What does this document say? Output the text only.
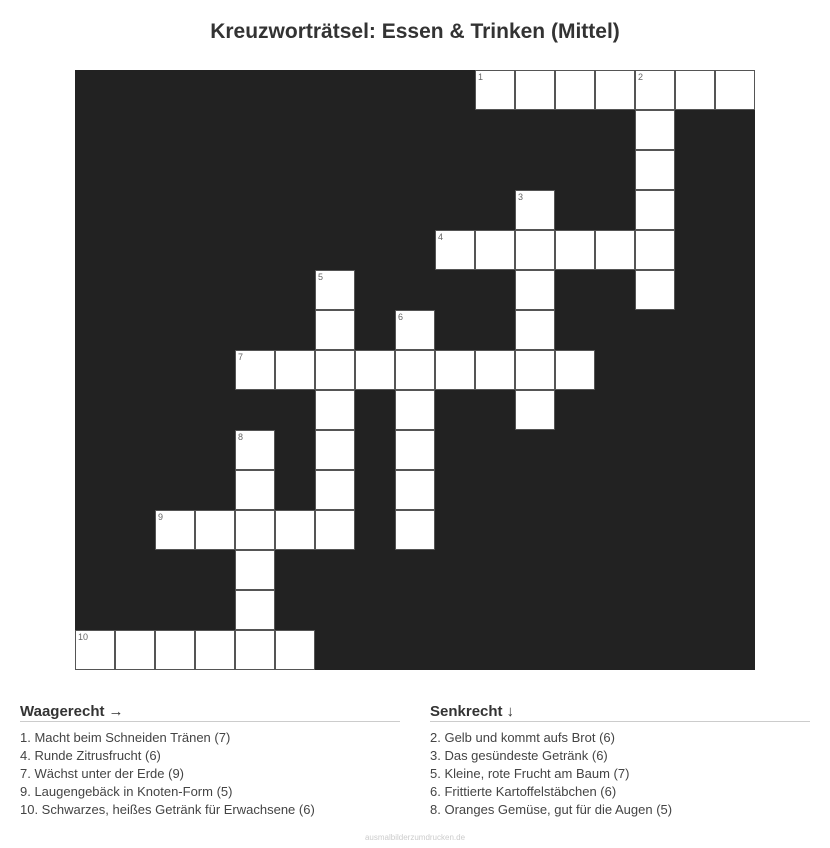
Kreuzworträtsel: Essen & Trinken (Mittel)
1	2
3
4
5
6
7
8
9
10
Waagerecht →
1. Macht beim Schneiden Tränen (7)
4. Runde Zitrusfrucht (6)
7. Wächst unter der Erde (9)
9. Laugengebäck in Knoten-Form (5)
10. Schwarzes, heißes Getränk für Erwachsene (6)
Senkrecht ↓
2. Gelb und kommt aufs Brot (6)
3. Das gesündeste Getränk (6)
5. Kleine, rote Frucht am Baum (7)
6. Frittierte Kartoffelstäbchen (6)
8. Oranges Gemüse, gut für die Augen (5)
ausmalbilderzumdrucken.de
